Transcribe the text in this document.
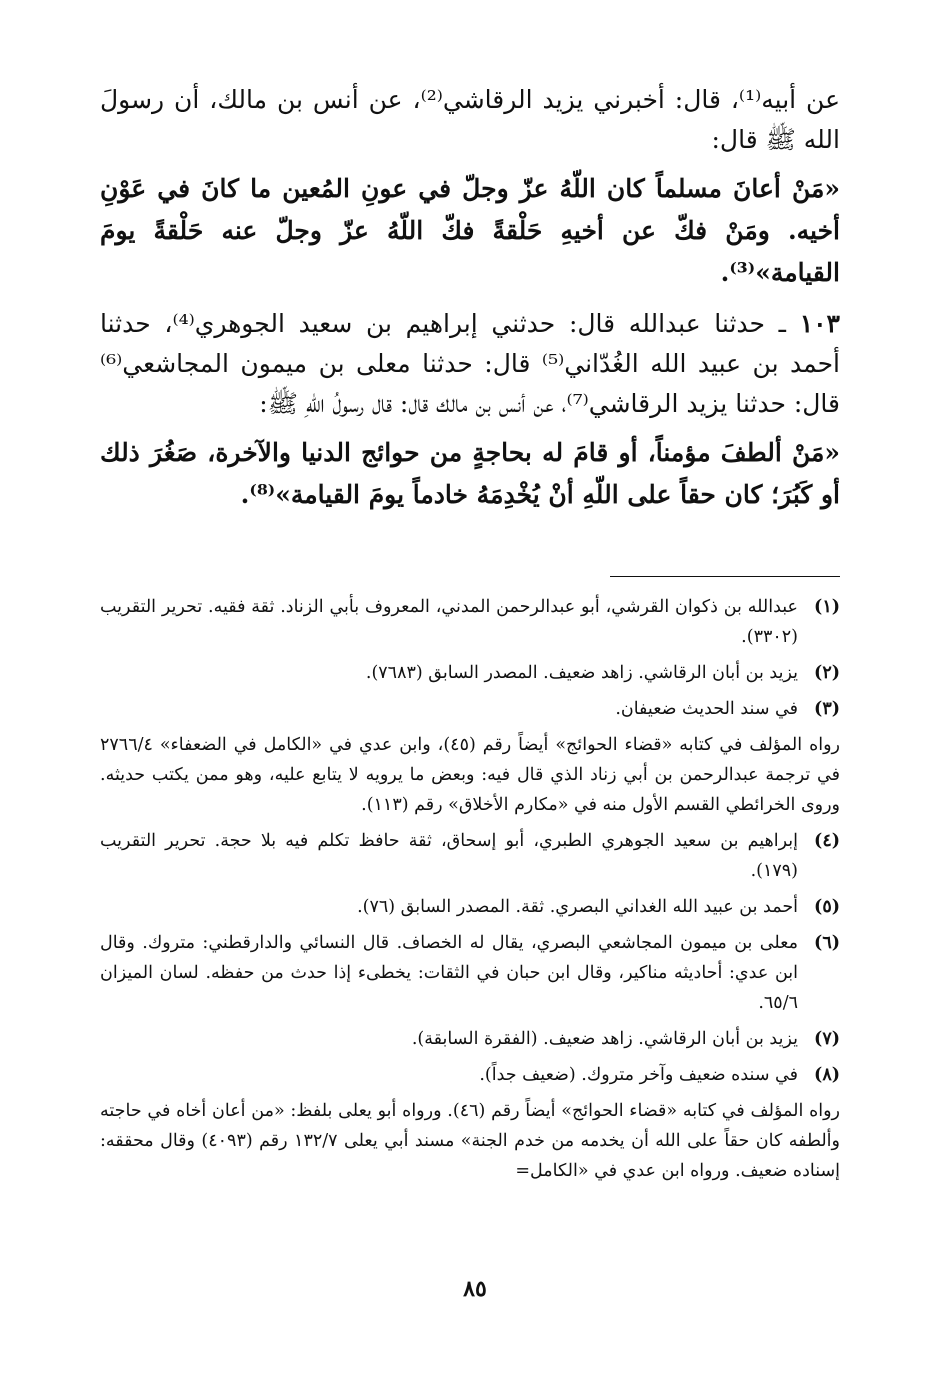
عن أبيه⁽¹⁾، قال: أخبرني يزيد الرقاشي⁽²⁾، عن أنس بن مالك، أن رسولَ الله ﷺ قال:

«مَنْ أعانَ مسلماً كان اللّهُ عزّ وجلّ في عونِ المُعين ما كانَ في عَوْنِ أخيه. ومَنْ فكّ عن أخيهِ حَلْقةً فكّ اللّهُ عزّ وجلّ عنه حَلْقةً يومَ القيامة»⁽³⁾.

١٠٣ ـ حدثنا عبدالله قال: حدثني إبراهيم بن سعيد الجوهري⁽⁴⁾، حدثنا أحمد بن عبيد الله الغُدّاني⁽⁵⁾ قال: حدثنا معلى بن ميمون المجاشعي⁽⁶⁾ قال: حدثنا يزيد الرقاشي⁽⁷⁾، عن أنس بن مالك قال: قال رسولُ اللّهِ ﷺ:

«مَنْ ألطفَ مؤمناً، أو قامَ له بحاجةٍ من حوائج الدنيا والآخرة، صَغُرَ ذلك أو كَبُرَ؛ كان حقاً على اللّهِ أنْ يُخْدِمَهُ خادماً يومَ القيامة»⁽⁸⁾.

(١)
عبدالله بن ذكوان القرشي، أبو عبدالرحمن المدني، المعروف بأبي الزناد. ثقة فقيه. تحرير التقريب (٣٣٠٢).
(٢)
يزيد بن أبان الرقاشي. زاهد ضعيف. المصدر السابق (٧٦٨٣).
(٣)
في سند الحديث ضعيفان.
رواه المؤلف في كتابه «قضاء الحوائج» أيضاً رقم (٤٥)، وابن عدي في «الكامل في الضعفاء» ٢٧٦٦/٤ في ترجمة عبدالرحمن بن أبي زناد الذي قال فيه: وبعض ما يرويه لا يتابع عليه، وهو ممن يكتب حديثه. وروى الخرائطي القسم الأول منه في «مكارم الأخلاق» رقم (١١٣).
(٤)
إبراهيم بن سعيد الجوهري الطبري، أبو إسحاق، ثقة حافظ تكلم فيه بلا حجة. تحرير التقريب (١٧٩).
(٥)
أحمد بن عبيد الله الغداني البصري. ثقة. المصدر السابق (٧٦).
(٦)
معلى بن ميمون المجاشعي البصري، يقال له الخصاف. قال النسائي والدارقطني: متروك. وقال ابن عدي: أحاديثه مناكير، وقال ابن حبان في الثقات: يخطىء إذا حدث من حفظه. لسان الميزان ٦٥/٦.
(٧)
يزيد بن أبان الرقاشي. زاهد ضعيف. (الفقرة السابقة).
(٨)
في سنده ضعيف وآخر متروك. (ضعيف جداً).
رواه المؤلف في كتابه «قضاء الحوائج» أيضاً رقم (٤٦). ورواه أبو يعلى بلفظ: «من أعان أخاه في حاجته وألطفه كان حقاً على الله أن يخدمه من خدم الجنة» مسند أبي يعلى ١٣٢/٧ رقم (٤٠٩٣) وقال محققه: إسناده ضعيف. ورواه ابن عدي في «الكامل=
٨٥
